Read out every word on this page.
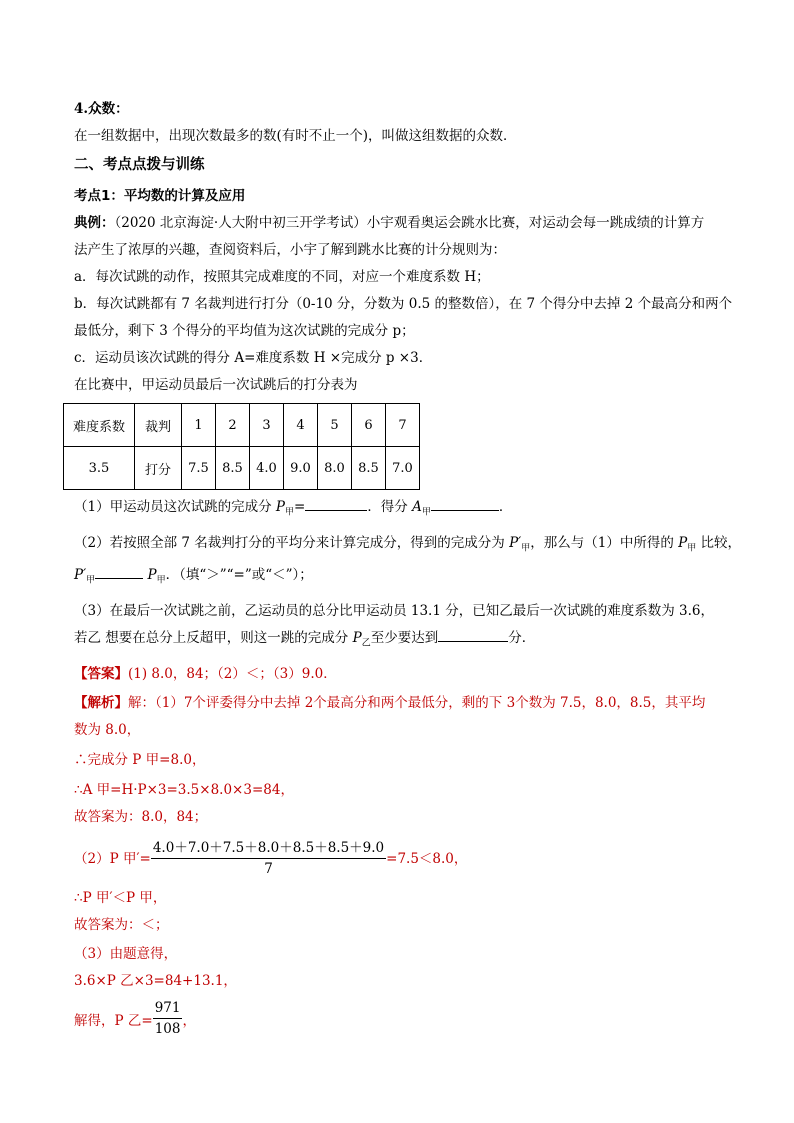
4.众数：
在一组数据中，出现次数最多的数(有时不止一个)，叫做这组数据的众数．
二、考点点拨与训练
考点1：平均数的计算及应用
典例：（2020 北京海淀·人大附中初三开学考试）小宇观看奥运会跳水比赛，对运动会每一跳成绩的计算方
法产生了浓厚的兴趣，查阅资料后，小宇了解到跳水比赛的计分规则为：
a．每次试跳的动作，按照其完成难度的不同，对应一个难度系数 H；
b．每次试跳都有 7 名裁判进行打分（0-10 分，分数为 0.5 的整数倍），在 7 个得分中去掉 2 个最高分和两个
最低分，剩下 3 个得分的平均值为这次试跳的完成分 p；
c．运动员该次试跳的得分 A=难度系数 H ×完成分 p ×3．
在比赛中，甲运动员最后一次试跳后的打分表为
难度系数	裁判	1	2	3	4	5	6	7
3.5	打分	7.5	8.5	4.0	9.0	8.0	8.5	7.0
（1）甲运动员这次试跳的完成分 $P_甲=$	．得分 $A_甲$	．
（2）若按照全部 7 名裁判打分的平均分来计算完成分，得到的完成分为 $P'_甲$，那么与（1）中所得的 $P_甲$ 比较，
$P'_甲$	$P_甲$．（填“＞”“=”或“＜”）；
（3）在最后一次试跳之前，乙运动员的总分比甲运动员 13.1 分，已知乙最后一次试跳的难度系数为 3.6，
若乙 想要在总分上反超甲，则这一跳的完成分 $P_乙$至少要达到	分．
【答案】(1) 8.0，84；（2）＜；（3）9.0．
【解析】解：（1）7个评委得分中去掉 2个最高分和两个最低分，剩的下 3个数为 7.5，8.0，8.5，其平均
数为 8.0，
∴完成分 P 甲=8.0，
∴A 甲=H·P×3=3.5×8.0×3=84，
故答案为：8.0，84；
（2）P 甲′= $\frac{4.0+7.0+7.5+8.0+8.5+8.5+9.0}{7} =7.5<8.0$，
∴P 甲′＜P 甲，
故答案为：＜；
（3）由题意得，
3.6×P 乙×3=84+13.1，
解得，P 乙= $\frac{971}{108}$ ，
